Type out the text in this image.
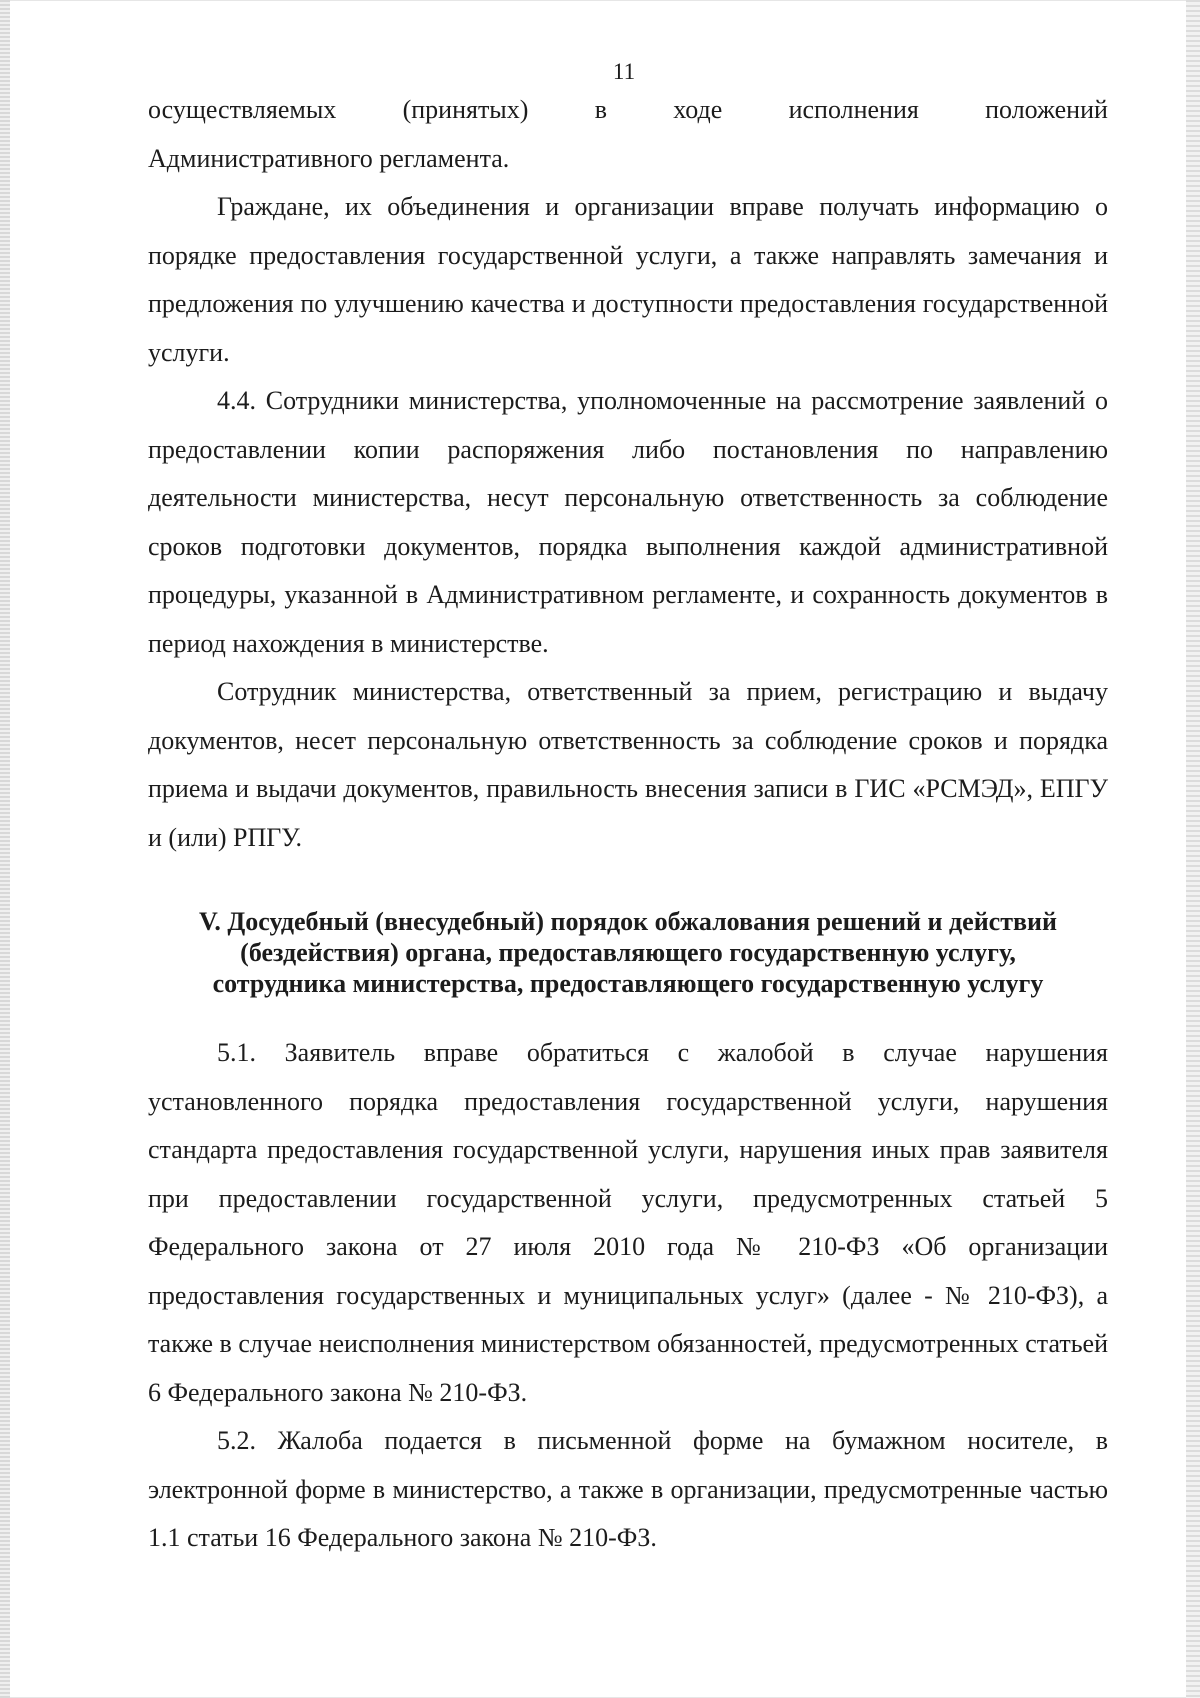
11
осуществляемых	(принятых)	в	ходе	исполнения	положений

Административного регламента.

Граждане, их объединения и организации вправе получать информацию о порядке предоставления государственной услуги, а также направлять замечания и предложения по улучшению качества и доступности предоставления государственной услуги.

4.4. Сотрудники министерства, уполномоченные на рассмотрение заявлений о предоставлении копии распоряжения либо постановления по направлению деятельности министерства, несут персональную ответственность за соблюдение сроков подготовки документов, порядка выполнения каждой административной процедуры, указанной в Административном регламенте, и сохранность документов в период нахождения в министерстве.

Сотрудник министерства, ответственный за прием, регистрацию и выдачу документов, несет персональную ответственность за соблюдение сроков и порядка приема и выдачи документов, правильность внесения записи в ГИС «РСМЭД», ЕПГУ и (или) РПГУ.

V. Досудебный (внесудебный) порядок обжалования решений и действий

(бездействия) органа, предоставляющего государственную услугу,

сотрудника министерства, предоставляющего государственную услугу

5.1. Заявитель вправе обратиться с жалобой в случае нарушения установленного порядка предоставления государственной услуги, нарушения стандарта предоставления государственной услуги, нарушения иных прав заявителя при предоставлении государственной услуги, предусмотренных статьей 5 Федерального закона от 27 июля 2010 года № 210-ФЗ «Об организации предоставления государственных и муниципальных услуг» (далее - № 210-ФЗ), а также в случае неисполнения министерством обязанностей, предусмотренных статьей 6 Федерального закона № 210-ФЗ.

5.2. Жалоба подается в письменной форме на бумажном носителе, в электронной форме в министерство, а также в организации, предусмотренные частью 1.1 статьи 16 Федерального закона № 210-ФЗ.
